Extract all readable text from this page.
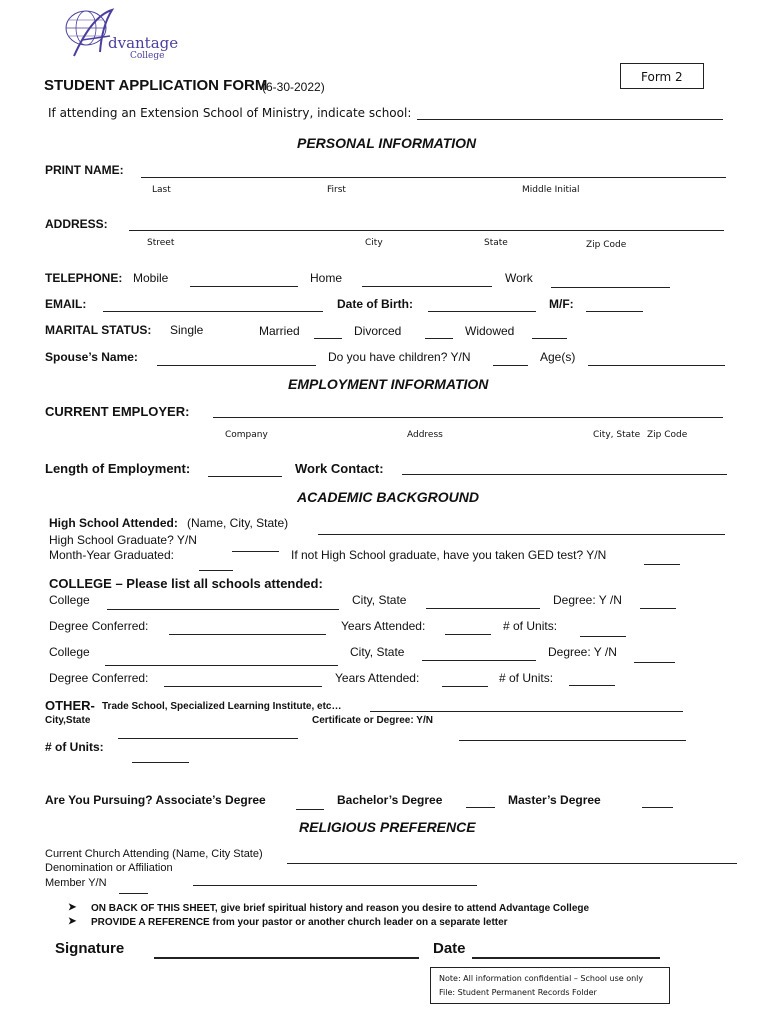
dvantage
College
Form 2
STUDENT APPLICATION FORM
(6-30-2022)
If attending an Extension School of Ministry, indicate school:
PERSONAL INFORMATION
PRINT NAME:
Last	First	Middle Initial
ADDRESS:
Street	City	State	Zip Code
TELEPHONE: Mobile	Home	Work
EMAIL:	Date of Birth:	M/F:
MARITAL STATUS: Single	Married	Divorced	Widowed
Spouse’s Name:	Do you have children? Y/N	Age(s)
EMPLOYMENT INFORMATION
CURRENT EMPLOYER:
Company	Address	City, State Zip Code
Length of Employment:	Work Contact:
ACADEMIC BACKGROUND
High School Attended: (Name, City, State)
High School Graduate? Y/N
Month-Year Graduated:	If not High School graduate, have you taken GED test? Y/N
COLLEGE – Please list all schools attended:
College	City, State	Degree: Y /N
Degree Conferred:	Years Attended:	# of Units:
College	City, State	Degree: Y /N
Degree Conferred:	Years Attended:	# of Units:
OTHER- Trade School, Specialized Learning Institute, etc…
City,State	Certificate or Degree: Y/N
# of Units:
Are You Pursuing? Associate’s Degree	Bachelor’s Degree	Master’s Degree
RELIGIOUS PREFERENCE
Current Church Attending (Name, City State)
Denomination or Affiliation
Member Y/N
➤ ON BACK OF THIS SHEET, give brief spiritual history and reason you desire to attend Advantage College
➤ PROVIDE A REFERENCE from your pastor or another church leader on a separate letter
Signature	Date
Note: All information confidential – School use only
File: Student Permanent Records Folder
